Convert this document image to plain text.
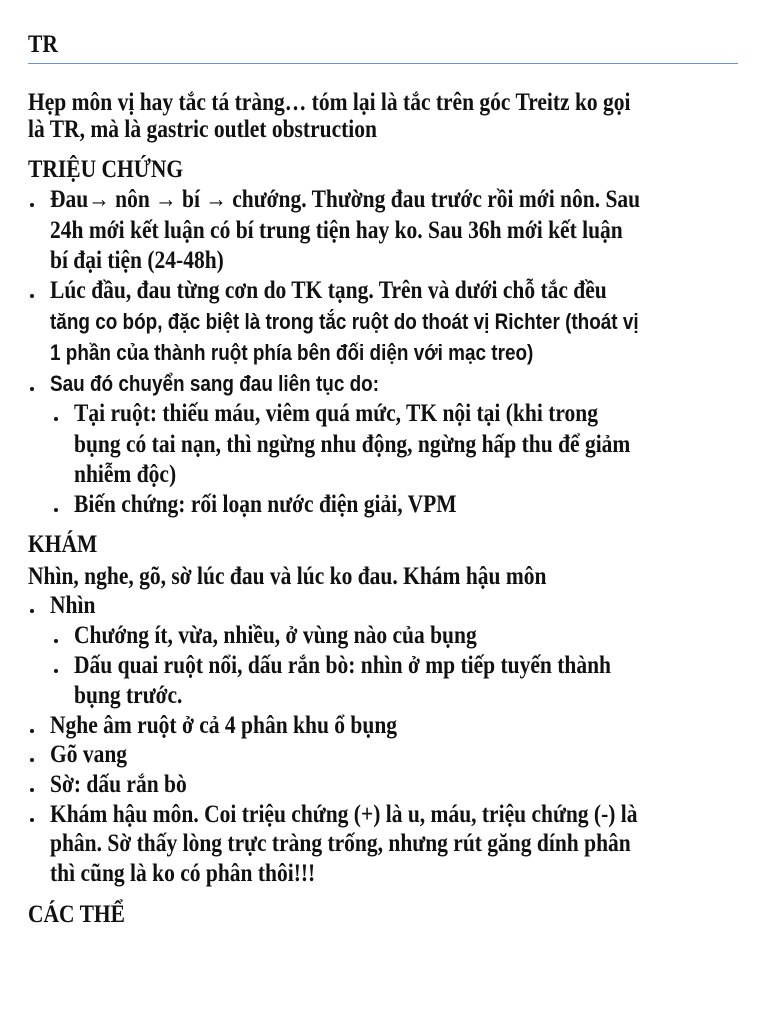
TR
Hẹp môn vị hay tắc tá tràng… tóm lại là tắc trên góc Treitz ko gọi
là TR, mà là gastric outlet obstruction
TRIỆU CHỨNG
Đau→ nôn → bí → chướng. Thường đau trước rồi mới nôn. Sau
24h mới kết luận có bí trung tiện hay ko. Sau 36h mới kết luận
bí đại tiện (24-48h)
Lúc đầu, đau từng cơn do TK tạng. Trên và dưới chỗ tắc đều
tăng co bóp, đặc biệt là trong tắc ruột do thoát vị Richter (thoát vị
1 phần của thành ruột phía bên đối diện với mạc treo)
Sau đó chuyển sang đau liên tục do:
Tại ruột: thiếu máu, viêm quá mức, TK nội tại (khi trong
bụng có tai nạn, thì ngừng nhu động, ngừng hấp thu để giảm
nhiễm độc)
Biến chứng: rối loạn nước điện giải, VPM
KHÁM
Nhìn, nghe, gõ, sờ lúc đau và lúc ko đau. Khám hậu môn
Nhìn
Chướng ít, vừa, nhiều, ở vùng nào của bụng
Dấu quai ruột nổi, dấu rắn bò: nhìn ở mp tiếp tuyến thành
bụng trước.
Nghe âm ruột ở cả 4 phân khu ổ bụng
Gõ vang
Sờ: dấu rắn bò
Khám hậu môn. Coi triệu chứng (+) là u, máu, triệu chứng (-) là
phân. Sờ thấy lòng trực tràng trống, nhưng rút găng dính phân
thì cũng là ko có phân thôi!!!
CÁC THỂ
